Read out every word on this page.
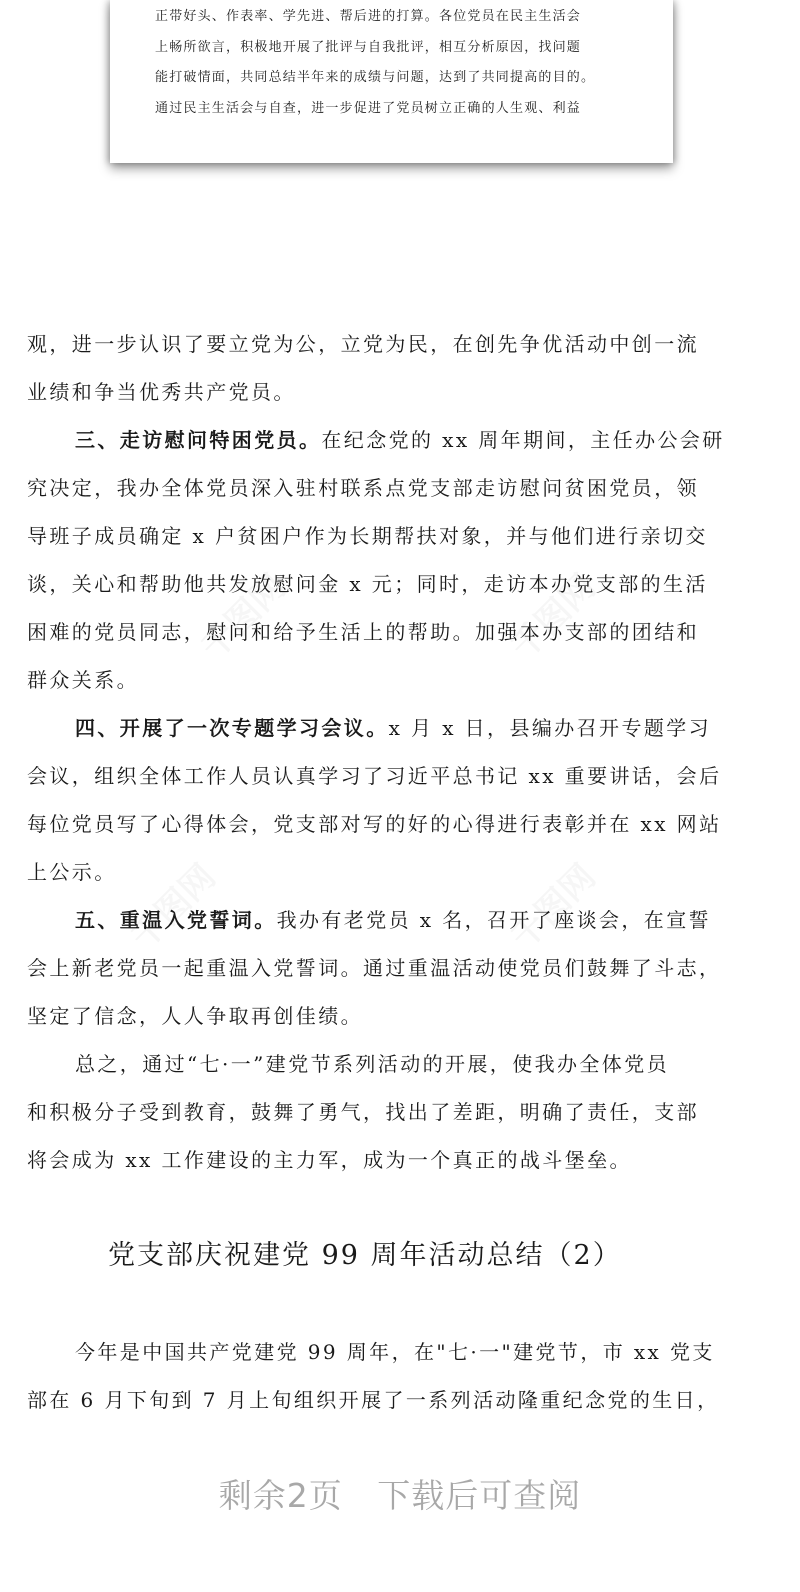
正带好头、作表率、学先进、帮后进的打算。各位党员在民主生活会
上畅所欲言，积极地开展了批评与自我批评，相互分析原因，找问题
能打破情面，共同总结半年来的成绩与问题，达到了共同提高的目的。
通过民主生活会与自查，进一步促进了党员树立正确的人生观、利益
观，进一步认识了要立党为公，立党为民，在创先争优活动中创一流
业绩和争当优秀共产党员。
三、走访慰问特困党员。在纪念党的 xx 周年期间，主任办公会研
究决定，我办全体党员深入驻村联系点党支部走访慰问贫困党员，领
导班子成员确定 x 户贫困户作为长期帮扶对象，并与他们进行亲切交
谈，关心和帮助他共发放慰问金 x 元；同时，走访本办党支部的生活
困难的党员同志，慰问和给予生活上的帮助。加强本办支部的团结和
群众关系。
四、开展了一次专题学习会议。x 月 x 日，县编办召开专题学习
会议，组织全体工作人员认真学习了习近平总书记 xx 重要讲话，会后
每位党员写了心得体会，党支部对写的好的心得进行表彰并在 xx 网站
上公示。
五、重温入党誓词。我办有老党员 x 名，召开了座谈会，在宣誓
会上新老党员一起重温入党誓词。通过重温活动使党员们鼓舞了斗志，
坚定了信念，人人争取再创佳绩。
总之，通过“七·一”建党节系列活动的开展，使我办全体党员
和积极分子受到教育，鼓舞了勇气，找出了差距，明确了责任，支部
将会成为 xx 工作建设的主力军，成为一个真正的战斗堡垒。
党支部庆祝建党 99 周年活动总结（2）
今年是中国共产党建党 99 周年，在"七·一"建党节，市 xx 党支
部在 6 月下旬到 7 月上旬组织开展了一系列活动隆重纪念党的生日，
剩余2页 下载后可查阅
